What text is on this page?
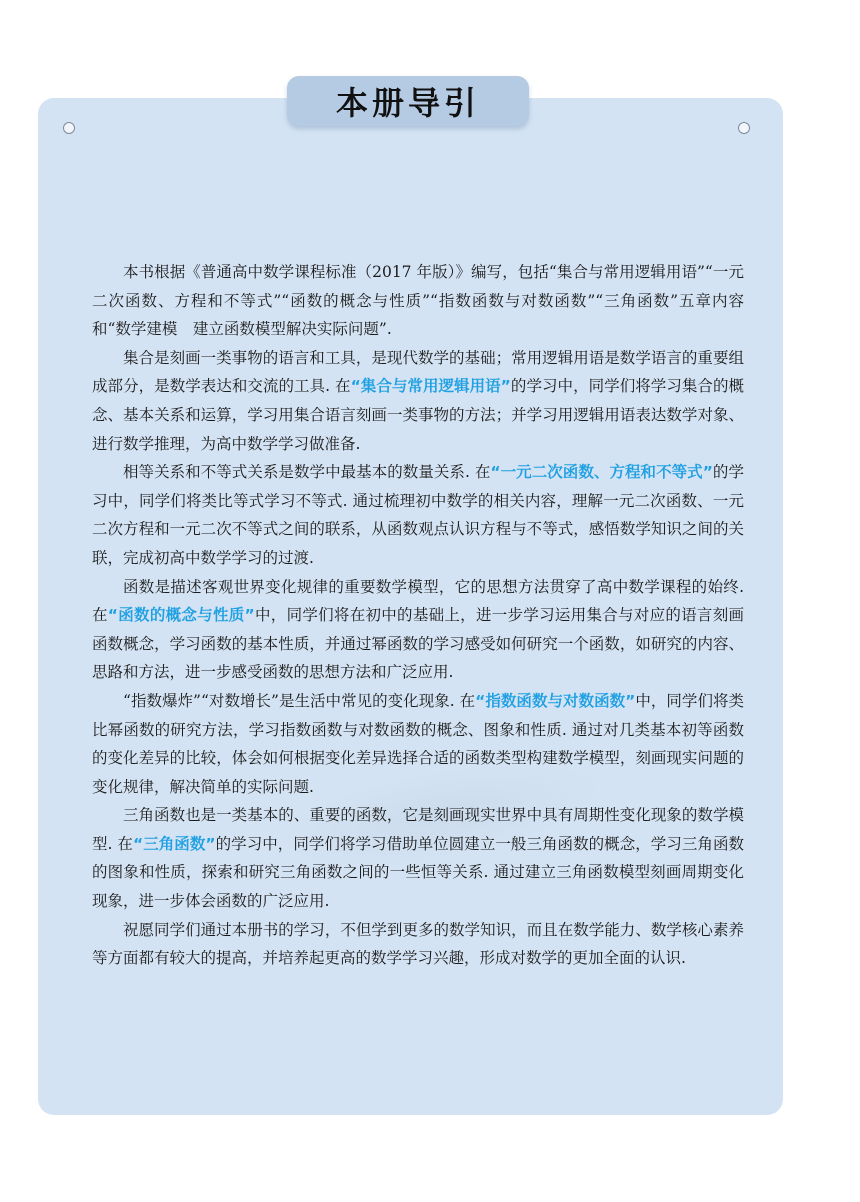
本册导引

本书根据《普通高中数学课程标准（2017 年版）》编写，包括“集合与常用逻辑用语”“一元二次函数、方程和不等式”“函数的概念与性质”“指数函数与对数函数”“三角函数”五章内容和“数学建模　建立函数模型解决实际问题”.

集合是刻画一类事物的语言和工具，是现代数学的基础；常用逻辑用语是数学语言的重要组成部分，是数学表达和交流的工具. 在“集合与常用逻辑用语”的学习中，同学们将学习集合的概念、基本关系和运算，学习用集合语言刻画一类事物的方法；并学习用逻辑用语表达数学对象、进行数学推理，为高中数学学习做准备.

相等关系和不等式关系是数学中最基本的数量关系. 在“一元二次函数、方程和不等式”的学习中，同学们将类比等式学习不等式. 通过梳理初中数学的相关内容，理解一元二次函数、一元二次方程和一元二次不等式之间的联系，从函数观点认识方程与不等式，感悟数学知识之间的关联，完成初高中数学学习的过渡.

函数是描述客观世界变化规律的重要数学模型，它的思想方法贯穿了高中数学课程的始终. 在“函数的概念与性质”中，同学们将在初中的基础上，进一步学习运用集合与对应的语言刻画函数概念，学习函数的基本性质，并通过幂函数的学习感受如何研究一个函数，如研究的内容、思路和方法，进一步感受函数的思想方法和广泛应用.

“指数爆炸”“对数增长”是生活中常见的变化现象. 在“指数函数与对数函数”中，同学们将类比幂函数的研究方法，学习指数函数与对数函数的概念、图象和性质. 通过对几类基本初等函数的变化差异的比较，体会如何根据变化差异选择合适的函数类型构建数学模型，刻画现实问题的变化规律，解决简单的实际问题.

三角函数也是一类基本的、重要的函数，它是刻画现实世界中具有周期性变化现象的数学模型. 在“三角函数”的学习中，同学们将学习借助单位圆建立一般三角函数的概念，学习三角函数的图象和性质，探索和研究三角函数之间的一些恒等关系. 通过建立三角函数模型刻画周期变化现象，进一步体会函数的广泛应用.

祝愿同学们通过本册书的学习，不但学到更多的数学知识，而且在数学能力、数学核心素养等方面都有较大的提高，并培养起更高的数学学习兴趣，形成对数学的更加全面的认识.
